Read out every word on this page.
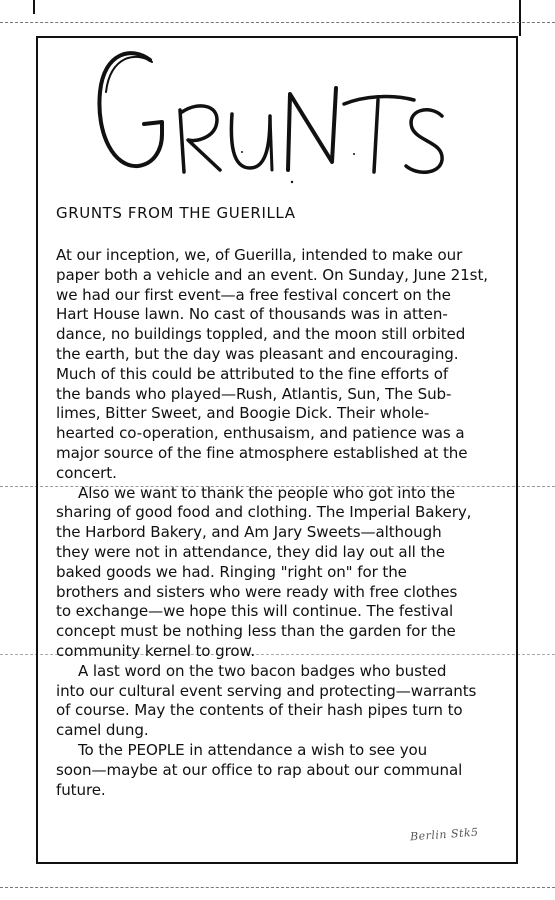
GRUNTS FROM THE GUERILLA
At our inception, we, of Guerilla, intended to make our
paper both a vehicle and an event. On Sunday, June 21st,
we had our first event—a free festival concert on the
Hart House lawn. No cast of thousands was in atten-
dance, no buildings toppled, and the moon still orbited
the earth, but the day was pleasant and encouraging.
Much of this could be attributed to the fine efforts of
the bands who played—Rush, Atlantis, Sun, The Sub-
limes, Bitter Sweet, and Boogie Dick. Their whole-
hearted co-operation, enthusaism, and patience was a
major source of the fine atmosphere established at the
concert.
Also we want to thank the people who got into the
sharing of good food and clothing. The Imperial Bakery,
the Harbord Bakery, and Am Jary Sweets—although
they were not in attendance, they did lay out all the
baked goods we had. Ringing "right on" for the
brothers and sisters who were ready with free clothes
to exchange—we hope this will continue. The festival
concept must be nothing less than the garden for the
community kernel to grow.
A last word on the two bacon badges who busted
into our cultural event serving and protecting—warrants
of course. May the contents of their hash pipes turn to
camel dung.
To the PEOPLE in attendance a wish to see you
soon—maybe at our office to rap about our communal
future.
Berlin Stk5
